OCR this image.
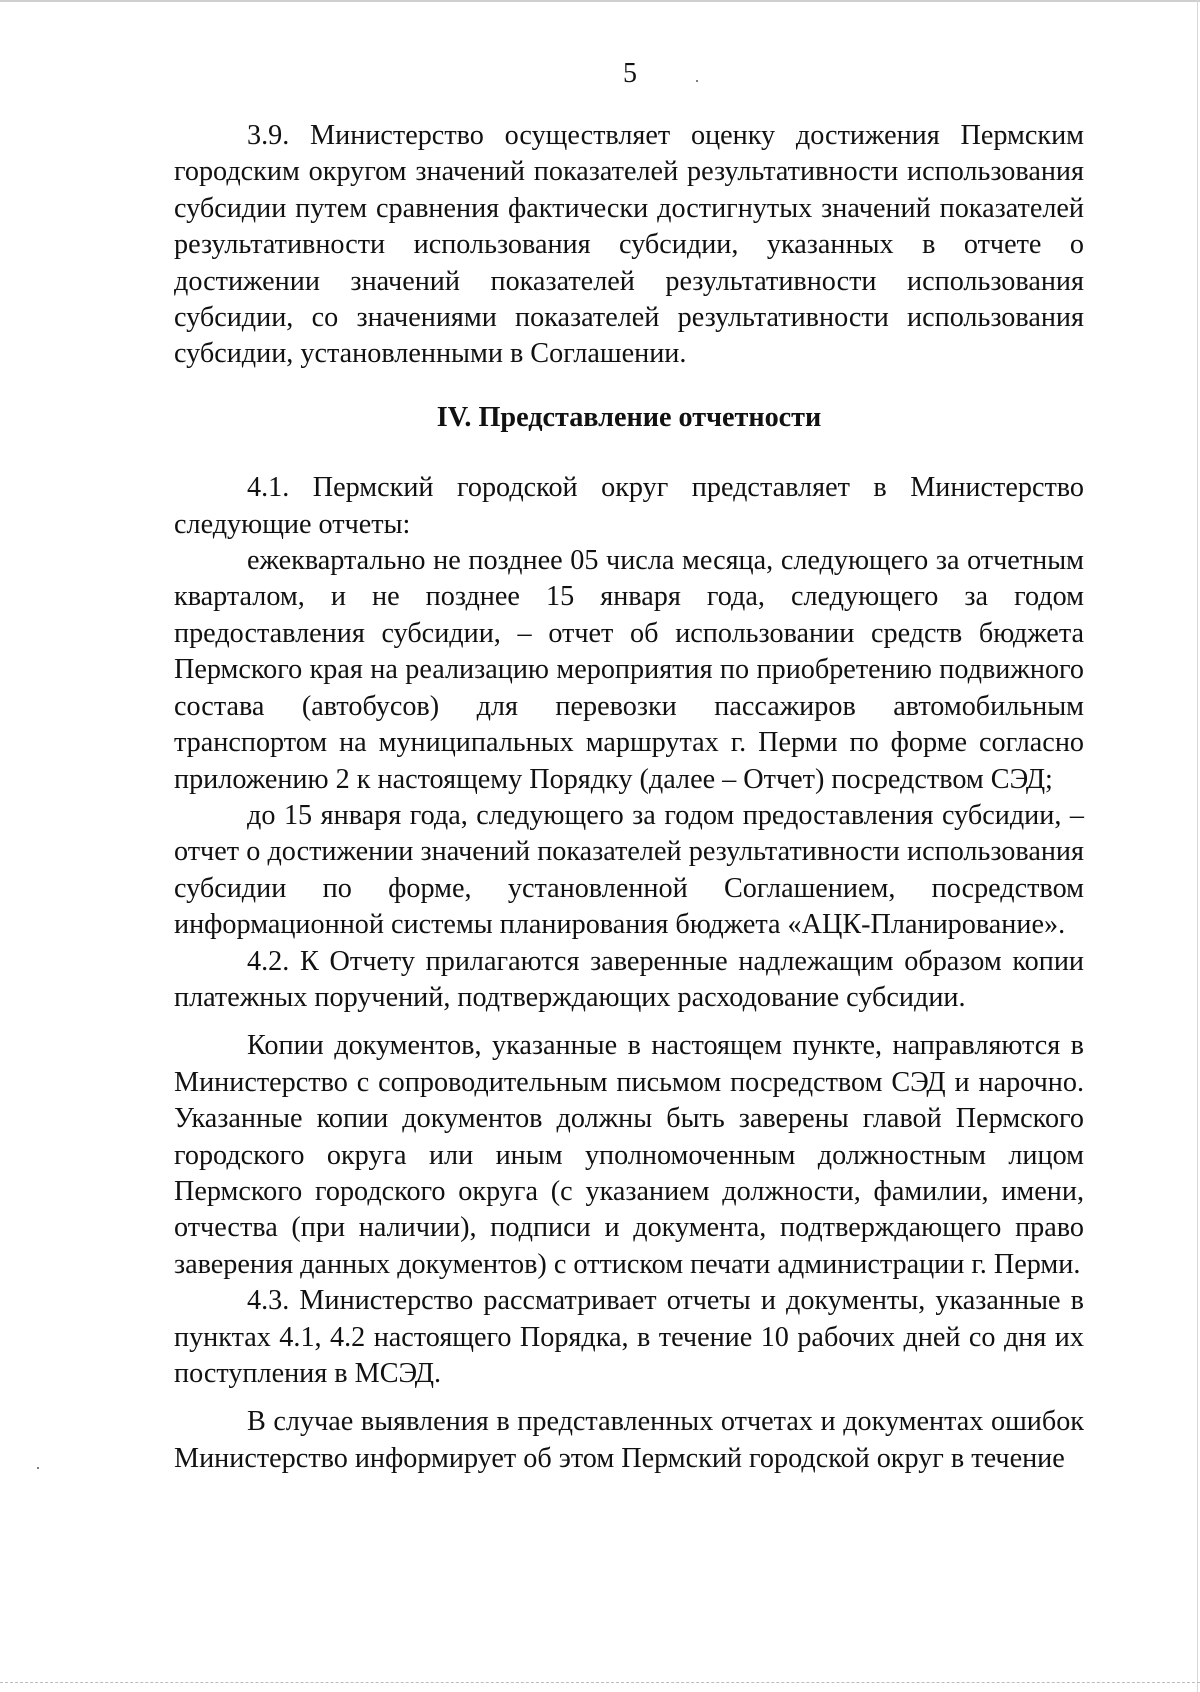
5

3.9. Министерство осуществляет оценку достижения Пермским городским округом значений показателей результативности использования субсидии путем сравнения фактически достигнутых значений показателей результативности использования субсидии, указанных в отчете о достижении значений показателей результативности использования субсидии, со значениями показателей результативности использования субсидии, установленными в Соглашении.

IV. Представление отчетности

4.1. Пермский городской округ представляет в Министерство следующие отчеты:

ежеквартально не позднее 05 числа месяца, следующего за отчетным кварталом, и не позднее 15 января года, следующего за годом предоставления субсидии, – отчет об использовании средств бюджета Пермского края на реализацию мероприятия по приобретению подвижного состава (автобусов) для перевозки пассажиров автомобильным транспортом на муниципальных маршрутах г. Перми по форме согласно приложению 2 к настоящему Порядку (далее – Отчет) посредством СЭД;

до 15 января года, следующего за годом предоставления субсидии, – отчет о достижении значений показателей результативности использования субсидии по форме, установленной Соглашением, посредством информационной системы планирования бюджета «АЦК-Планирование».

4.2. К Отчету прилагаются заверенные надлежащим образом копии платежных поручений, подтверждающих расходование субсидии.

Копии документов, указанные в настоящем пункте, направляются в Министерство с сопроводительным письмом посредством СЭД и нарочно. Указанные копии документов должны быть заверены главой Пермского городского округа или иным уполномоченным должностным лицом Пермского городского округа (с указанием должности, фамилии, имени, отчества (при наличии), подписи и документа, подтверждающего право заверения данных документов) с оттиском печати администрации г. Перми.

4.3. Министерство рассматривает отчеты и документы, указанные в пунктах 4.1, 4.2 настоящего Порядка, в течение 10 рабочих дней со дня их поступления в МСЭД.

В случае выявления в представленных отчетах и документах ошибок Министерство информирует об этом Пермский городской округ в течение
